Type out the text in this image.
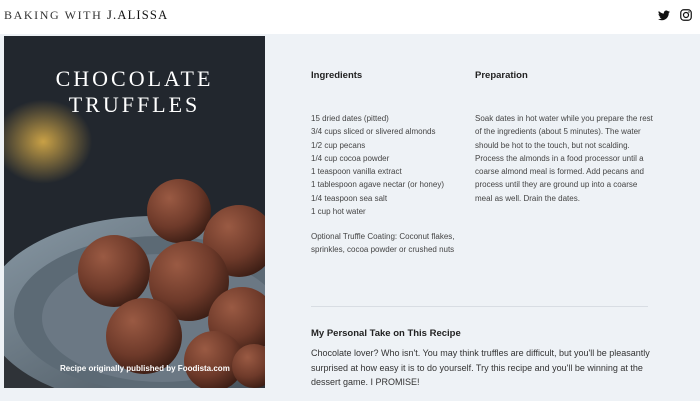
BAKING WITH J.ALISSA
CHOCOLATE
TRUFFLES
Recipe originally published by Foodista.com
Ingredients	Preparation
15 dried dates (pitted)
3/4 cups sliced or slivered almonds
1/2 cup pecans
1/4 cup cocoa powder
1 teaspoon vanilla extract
1 tablespoon agave nectar (or honey)
1/4 teaspoon sea salt
1 cup hot water
Optional Truffle Coating: Coconut flakes, sprinkles, cocoa powder or crushed nuts
Soak dates in hot water while you prepare the rest of the ingredients (about 5 minutes). The water should be hot to the touch, but not scalding. Process the almonds in a food processor until a coarse almond meal is formed. Add pecans and process until they are ground up into a coarse meal as well. Drain the dates.
My Personal Take on This Recipe
Chocolate lover? Who isn't. You may think truffles are difficult, but you'll be pleasantly surprised at how easy it is to do yourself. Try this recipe and you'll be winning at the dessert game. I PROMISE!
